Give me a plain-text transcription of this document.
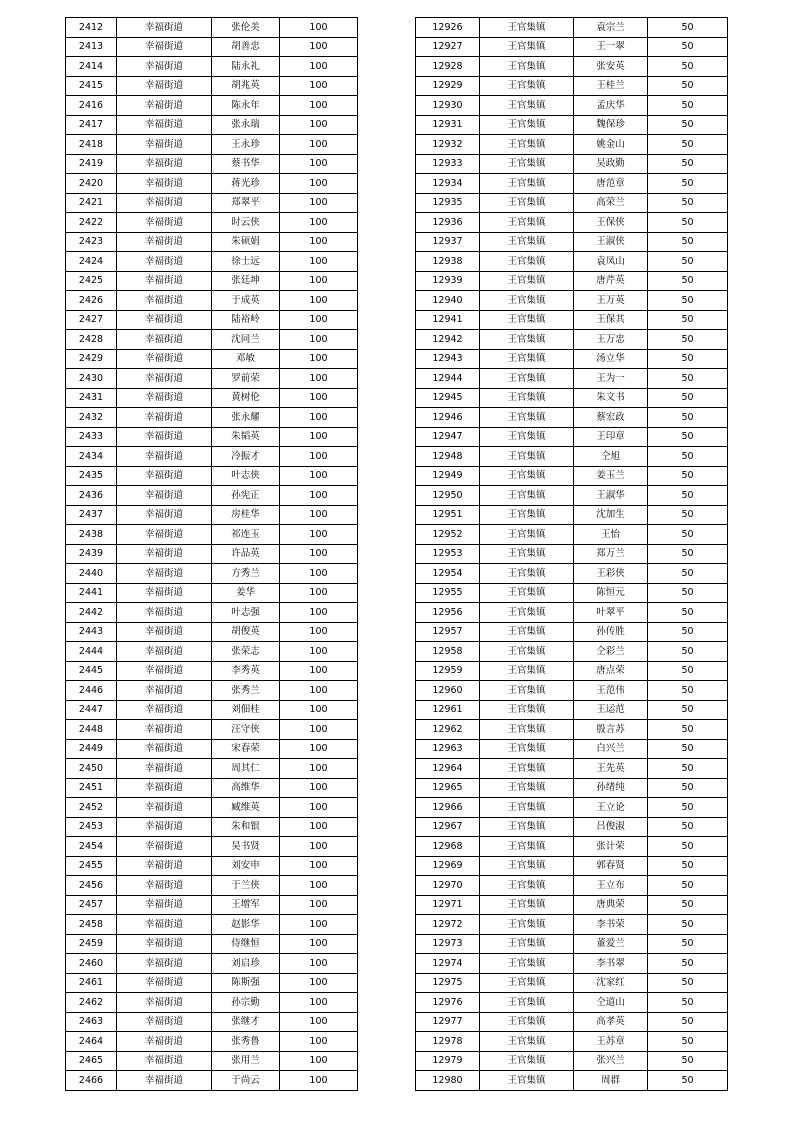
2412	幸福街道	张伦美	100
2413	幸福街道	胡善忠	100
2414	幸福街道	陆永礼	100
2415	幸福街道	胡兆英	100
2416	幸福街道	陈永年	100
2417	幸福街道	张永瑞	100
2418	幸福街道	王永珍	100
2419	幸福街道	蔡书华	100
2420	幸福街道	蒋光珍	100
2421	幸福街道	郑翠平	100
2422	幸福街道	时云侠	100
2423	幸福街道	朱硕娟	100
2424	幸福街道	徐士远	100
2425	幸福街道	张廷坤	100
2426	幸福街道	于成英	100
2427	幸福街道	陆裕岭	100
2428	幸福街道	沈同兰	100
2429	幸福街道	邓敏	100
2430	幸福街道	罗前荣	100
2431	幸福街道	黄树伦	100
2432	幸福街道	张永耀	100
2433	幸福街道	朱韬英	100
2434	幸福街道	冷振才	100
2435	幸福街道	叶志侠	100
2436	幸福街道	孙宪正	100
2437	幸福街道	房桂华	100
2438	幸福街道	祁连玉	100
2439	幸福街道	许品英	100
2440	幸福街道	方秀兰	100
2441	幸福街道	姜华	100
2442	幸福街道	叶志强	100
2443	幸福街道	胡俊英	100
2444	幸福街道	张荣志	100
2445	幸福街道	李秀英	100
2446	幸福街道	张秀兰	100
2447	幸福街道	刘佃桂	100
2448	幸福街道	汪守侠	100
2449	幸福街道	宋春荣	100
2450	幸福街道	周其仁	100
2451	幸福街道	高维华	100
2452	幸福街道	臧维英	100
2453	幸福街道	朱和银	100
2454	幸福街道	吴书贤	100
2455	幸福街道	刘安申	100
2456	幸福街道	于兰侠	100
2457	幸福街道	王增军	100
2458	幸福街道	赵影华	100
2459	幸福街道	侍继恒	100
2460	幸福街道	刘启珍	100
2461	幸福街道	陈斯强	100
2462	幸福街道	孙宗勤	100
2463	幸福街道	张继才	100
2464	幸福街道	张秀鲁	100
2465	幸福街道	张用兰	100
2466	幸福街道	于尚云	100
12926	王官集镇	袁宗兰	50
12927	王官集镇	王一翠	50
12928	王官集镇	张安英	50
12929	王官集镇	王桂兰	50
12930	王官集镇	孟庆华	50
12931	王官集镇	魏保珍	50
12932	王官集镇	姚金山	50
12933	王官集镇	吴政勤	50
12934	王官集镇	唐范章	50
12935	王官集镇	高荣兰	50
12936	王官集镇	王保侠	50
12937	王官集镇	王淑侠	50
12938	王官集镇	袁凤山	50
12939	王官集镇	唐芹英	50
12940	王官集镇	王万英	50
12941	王官集镇	王保其	50
12942	王官集镇	王万忠	50
12943	王官集镇	汤立华	50
12944	王官集镇	王为一	50
12945	王官集镇	朱文书	50
12946	王官集镇	蔡宏政	50
12947	王官集镇	王印章	50
12948	王官集镇	仝旭	50
12949	王官集镇	姜玉兰	50
12950	王官集镇	王淑华	50
12951	王官集镇	沈加生	50
12952	王官集镇	王怡	50
12953	王官集镇	郑万兰	50
12954	王官集镇	王彩侠	50
12955	王官集镇	陈恒元	50
12956	王官集镇	叶翠平	50
12957	王官集镇	孙传胜	50
12958	王官集镇	仝彩兰	50
12959	王官集镇	唐点荣	50
12960	王官集镇	王范伟	50
12961	王官集镇	王运范	50
12962	王官集镇	殷言苏	50
12963	王官集镇	白兴兰	50
12964	王官集镇	王先英	50
12965	王官集镇	孙绪纯	50
12966	王官集镇	王立论	50
12967	王官集镇	吕俊淑	50
12968	王官集镇	张计荣	50
12969	王官集镇	郭春贤	50
12970	王官集镇	王立布	50
12971	王官集镇	唐典荣	50
12972	王官集镇	李书荣	50
12973	王官集镇	董爱兰	50
12974	王官集镇	李书翠	50
12975	王官集镇	沈家红	50
12976	王官集镇	仝道山	50
12977	王官集镇	高孝英	50
12978	王官集镇	王苏章	50
12979	王官集镇	张兴兰	50
12980	王官集镇	周群	50
